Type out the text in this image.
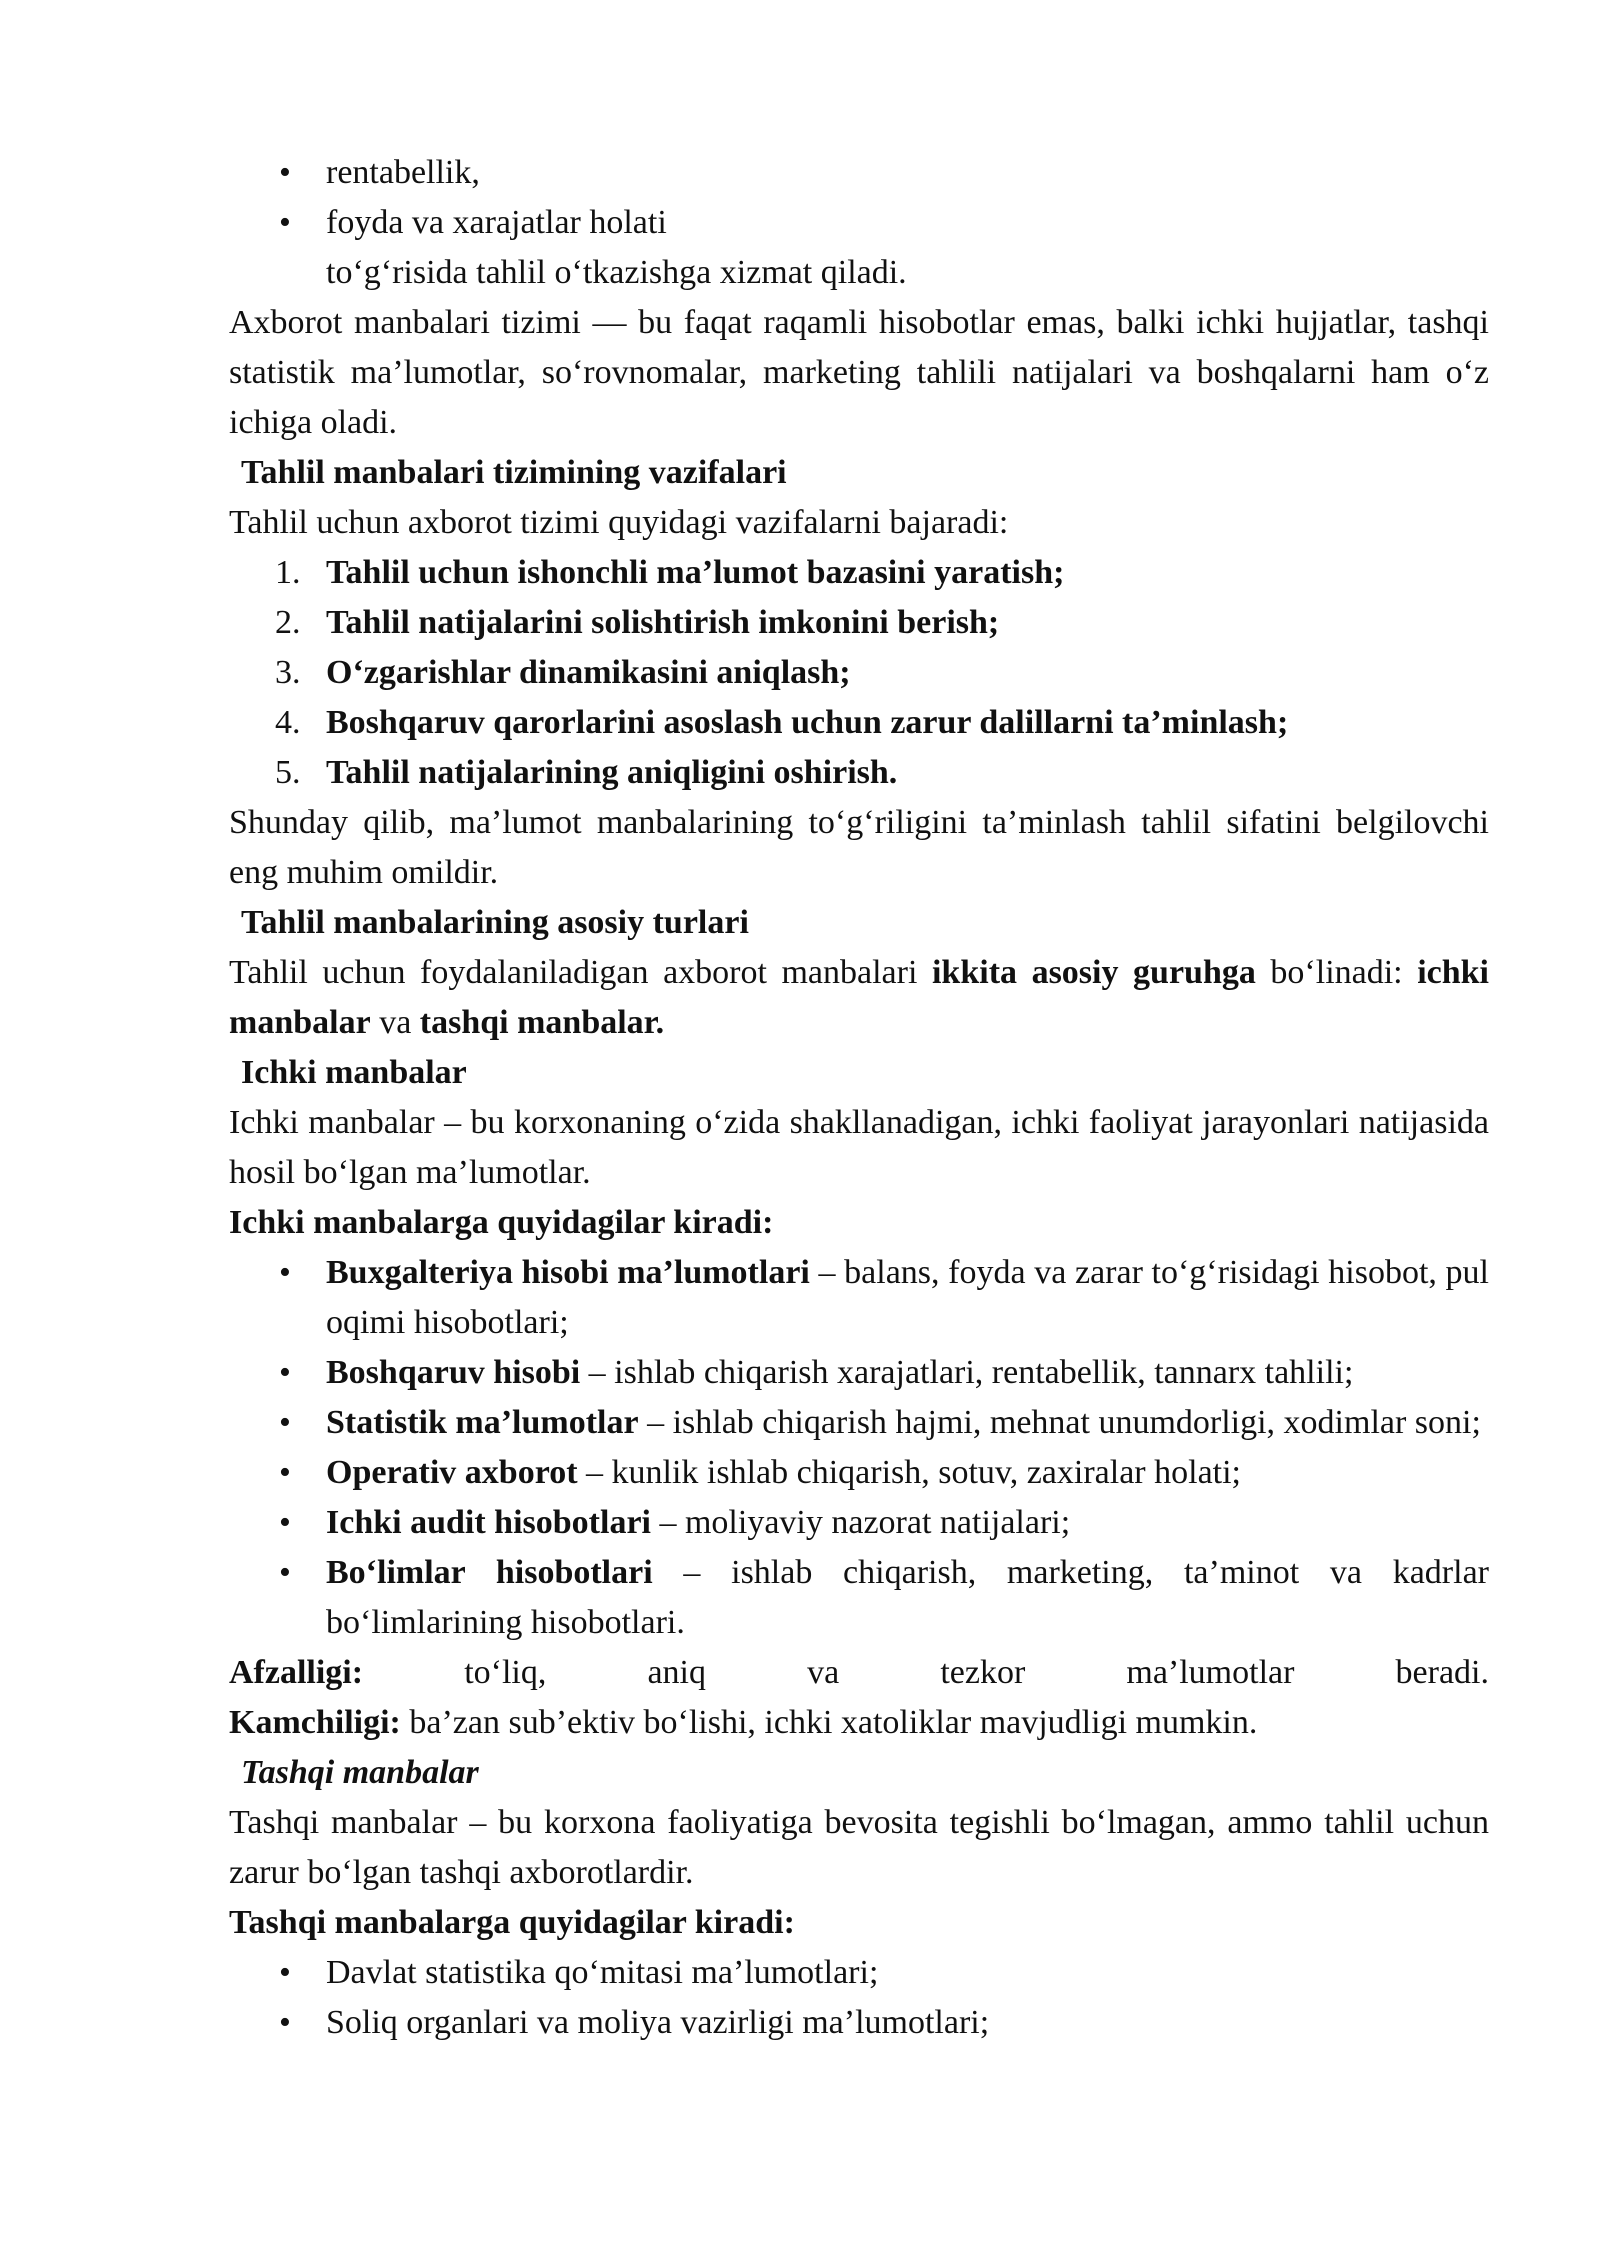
• rentabellik,
• foyda va xarajatlar holati

to‘g‘risida tahlil o‘tkazishga xizmat qiladi.

Axborot manbalari tizimi — bu faqat raqamli hisobotlar emas, balki ichki hujjatlar, tashqi statistik ma’lumotlar, so‘rovnomalar, marketing tahlili natijalari va boshqalarni ham o‘z ichiga oladi.

Tahlil manbalari tizimining vazifalari

Tahlil uchun axborot tizimi quyidagi vazifalarni bajaradi:

1. Tahlil uchun ishonchli ma’lumot bazasini yaratish;
2. Tahlil natijalarini solishtirish imkonini berish;
3. O‘zgarishlar dinamikasini aniqlash;
4. Boshqaruv qarorlarini asoslash uchun zarur dalillarni ta’minlash;
5. Tahlil natijalarining aniqligini oshirish.

Shunday qilib, ma’lumot manbalarining to‘g‘riligini ta’minlash tahlil sifatini belgilovchi eng muhim omildir.

Tahlil manbalarining asosiy turlari

Tahlil uchun foydalaniladigan axborot manbalari ikkita asosiy guruhga bo‘linadi: ichki manbalar va tashqi manbalar.

Ichki manbalar

Ichki manbalar – bu korxonaning o‘zida shakllanadigan, ichki faoliyat jarayonlari natijasida hosil bo‘lgan ma’lumotlar.

Ichki manbalarga quyidagilar kiradi:

• Buxgalteriya hisobi ma’lumotlari – balans, foyda va zarar to‘g‘risidagi hisobot, pul oqimi hisobotlari;
• Boshqaruv hisobi – ishlab chiqarish xarajatlari, rentabellik, tannarx tahlili;
• Statistik ma’lumotlar – ishlab chiqarish hajmi, mehnat unumdorligi, xodimlar soni;
• Operativ axborot – kunlik ishlab chiqarish, sotuv, zaxiralar holati;
• Ichki audit hisobotlari – moliyaviy nazorat natijalari;
• Bo‘limlar hisobotlari – ishlab chiqarish, marketing, ta’minot va kadrlar bo‘limlarining hisobotlari.

Afzalligi: to‘liq, aniq va tezkor ma’lumotlar beradi.

Kamchiligi: ba’zan sub’ektiv bo‘lishi, ichki xatoliklar mavjudligi mumkin.

Tashqi manbalar

Tashqi manbalar – bu korxona faoliyatiga bevosita tegishli bo‘lmagan, ammo tahlil uchun zarur bo‘lgan tashqi axborotlardir.

Tashqi manbalarga quyidagilar kiradi:

• Davlat statistika qo‘mitasi ma’lumotlari;
• Soliq organlari va moliya vazirligi ma’lumotlari;
